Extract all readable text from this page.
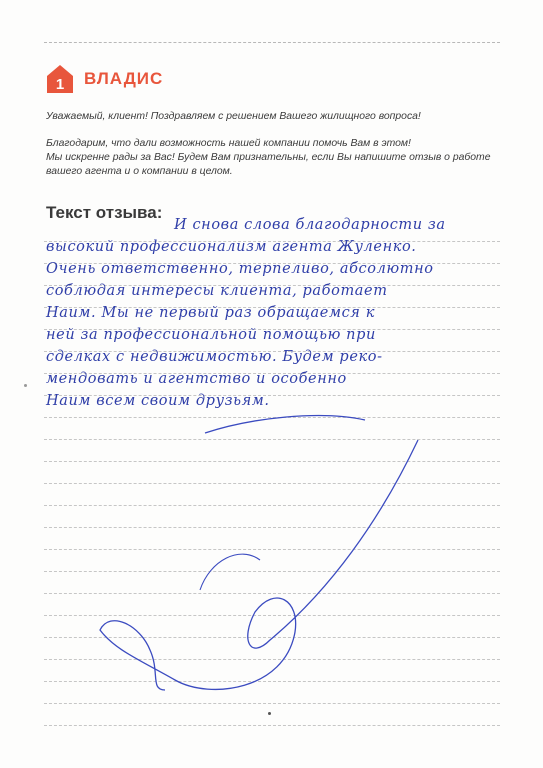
1 ВЛАДИС
Уважаемый, клиент! Поздравляем с решением Вашего жилищного вопроса!
Благодарим, что дали возможность нашей компании помочь Вам в этом!
Мы искренне рады за Вас! Будем Вам признательны, если Вы напишите отзыв о работе
вашего агента и о компании в целом.
Текст отзыва:
И снова слова благодарности за
высокий профессионализм агента Жуленко.
Очень ответственно, терпеливо, абсолютно
соблюдая интересы клиента, работает
Наим. Мы не первый раз обращаемся к
ней за профессиональной помощью при
сделках с недвижимостью. Будем реко-
мендовать и агентство и особенно
Наим всем своим друзьям.
